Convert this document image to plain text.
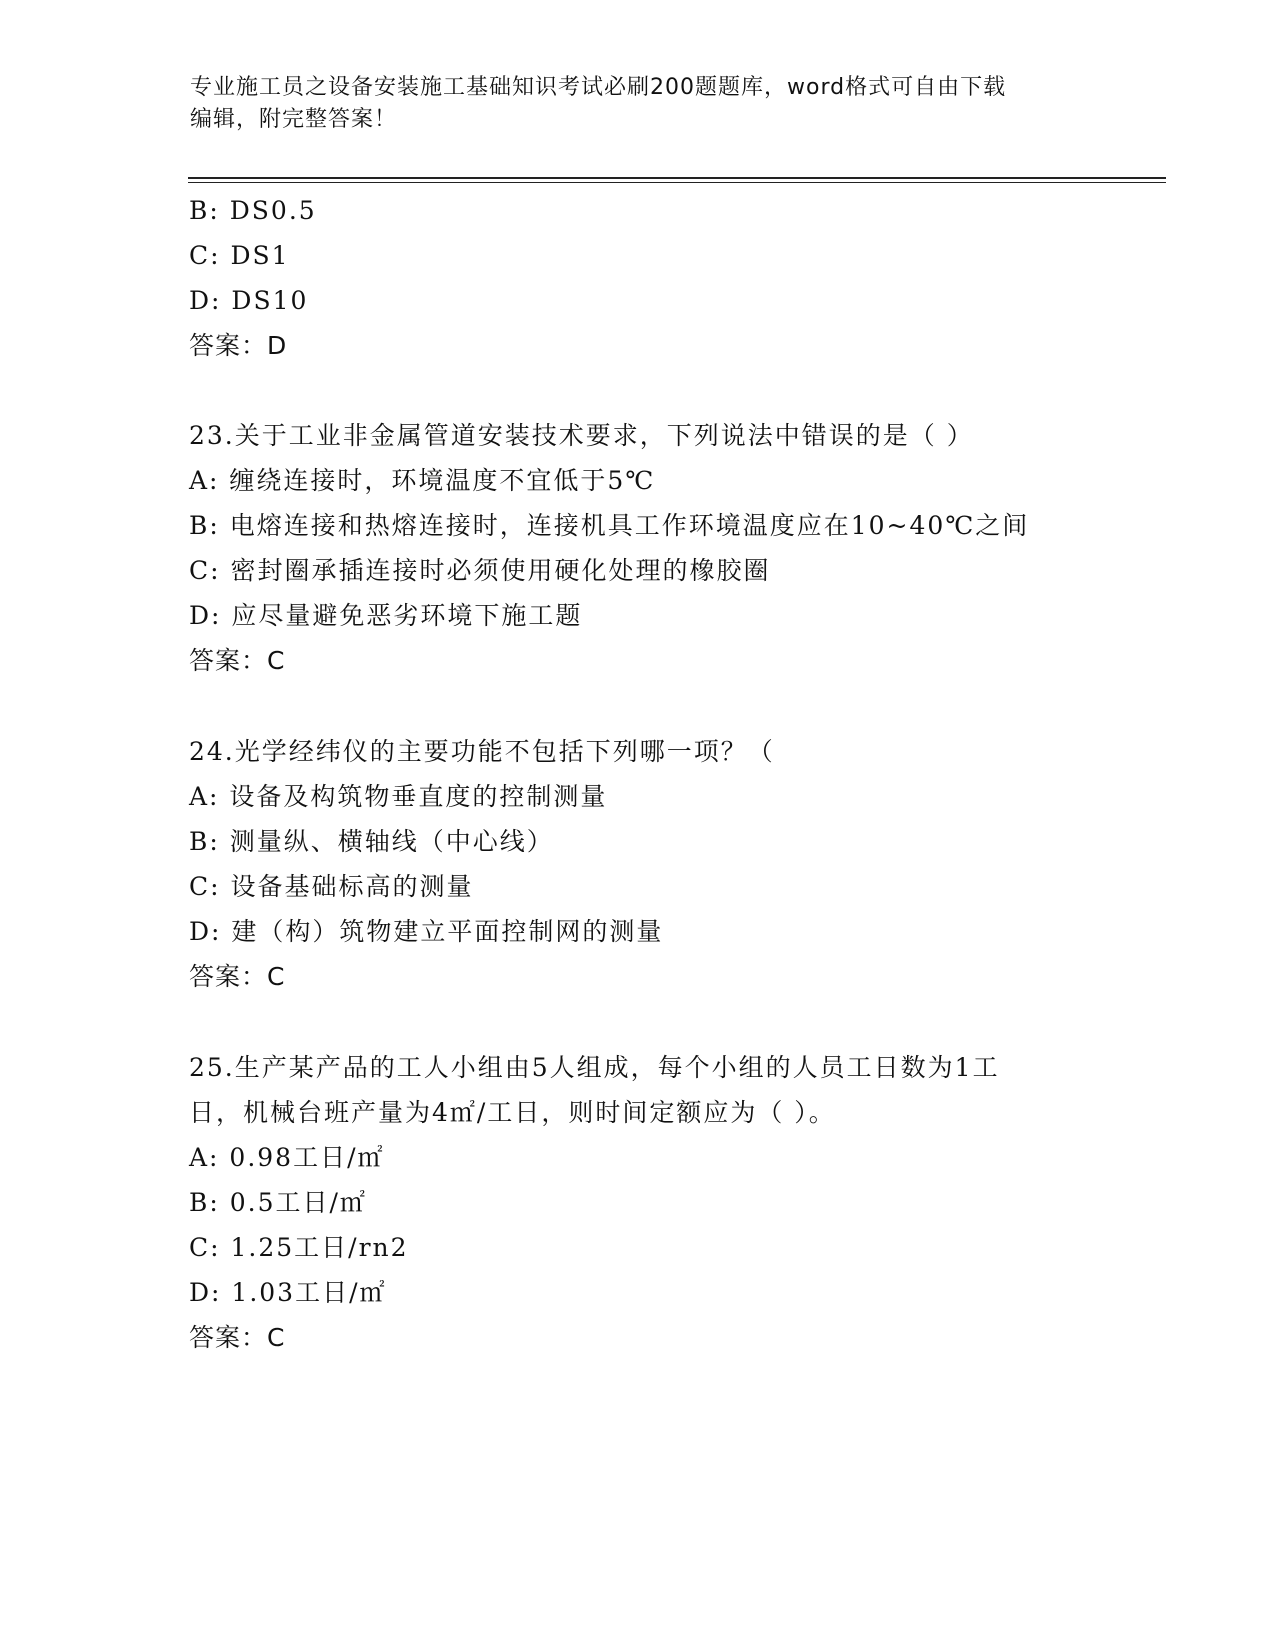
专业施工员之设备安装施工基础知识考试必刷200题题库，word格式可自由下载
编辑，附完整答案！
B: DS0.5
C: DS1
D: DS10
答案：D
23.关于工业非金属管道安装技术要求，下列说法中错误的是（ ）
A: 缠绕连接时，环境温度不宜低于5℃
B: 电熔连接和热熔连接时，连接机具工作环境温度应在10~40℃之间
C: 密封圈承插连接时必须使用硬化处理的橡胶圈
D: 应尽量避免恶劣环境下施工题
答案：C
24.光学经纬仪的主要功能不包括下列哪一项？（
A: 设备及构筑物垂直度的控制测量
B: 测量纵、横轴线（中心线）
C: 设备基础标高的测量
D: 建（构）筑物建立平面控制网的测量
答案：C
25.生产某产品的工人小组由5人组成，每个小组的人员工日数为1工
日，机械台班产量为4㎡/工日，则时间定额应为（ ）。
A: 0.98工日/㎡
B: 0.5工日/㎡
C: 1.25工日/rn2
D: 1.03工日/㎡
答案：C
